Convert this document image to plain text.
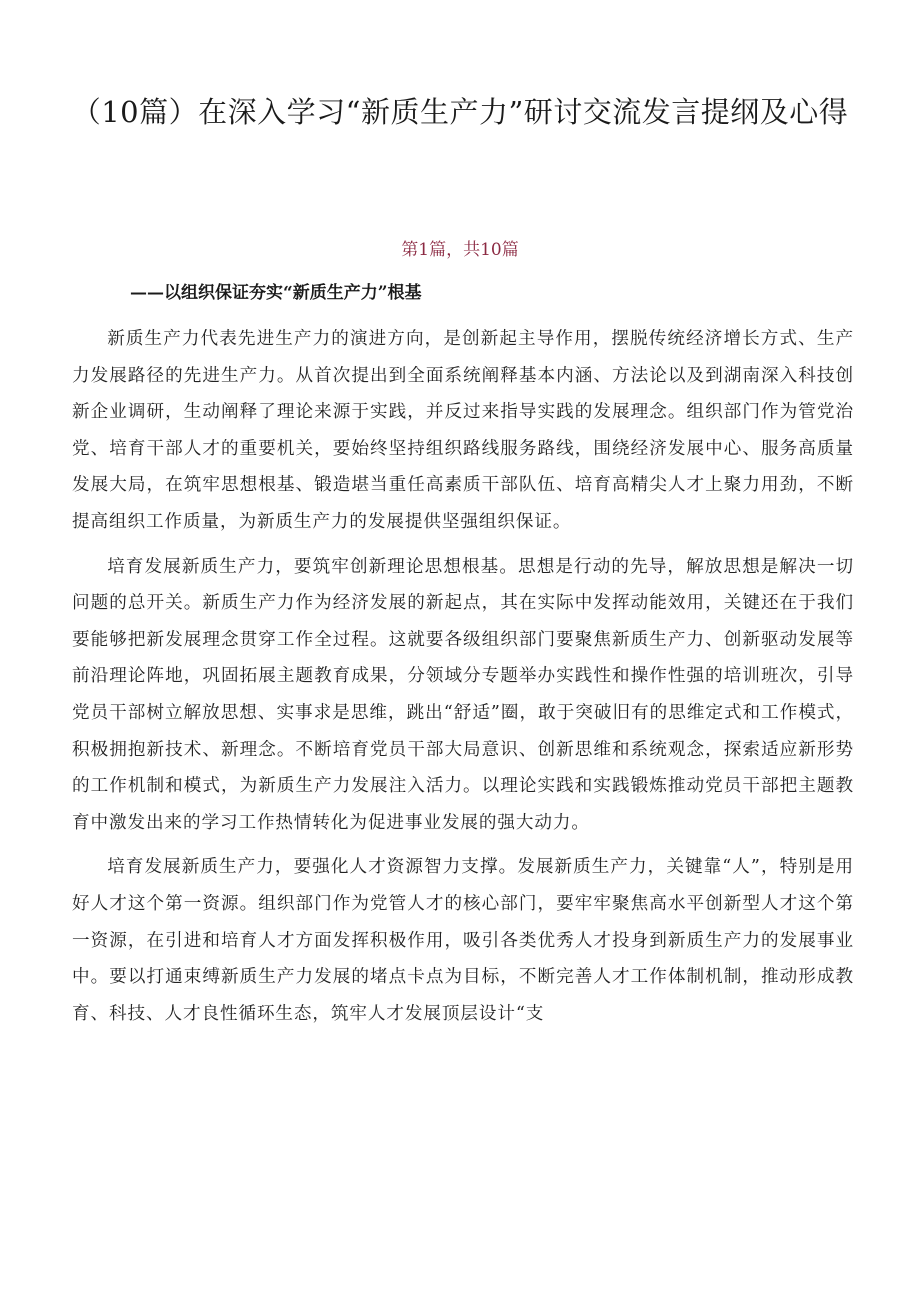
（10篇）在深入学习“新质生产力”研讨交流发言提纲及心得
第1篇，共10篇
——以组织保证夯实“新质生产力”根基

新质生产力代表先进生产力的演进方向，是创新起主导作用，摆脱传统经济增长方式、生产力发展路径的先进生产力。从首次提出到全面系统阐释基本内涵、方法论以及到湖南深入科技创新企业调研，生动阐释了理论来源于实践，并反过来指导实践的发展理念。组织部门作为管党治党、培育干部人才的重要机关，要始终坚持组织路线服务路线，围绕经济发展中心、服务高质量发展大局，在筑牢思想根基、锻造堪当重任高素质干部队伍、培育高精尖人才上聚力用劲，不断提高组织工作质量，为新质生产力的发展提供坚强组织保证。

培育发展新质生产力，要筑牢创新理论思想根基。思想是行动的先导，解放思想是解决一切问题的总开关。新质生产力作为经济发展的新起点，其在实际中发挥动能效用，关键还在于我们要能够把新发展理念贯穿工作全过程。这就要各级组织部门要聚焦新质生产力、创新驱动发展等前沿理论阵地，巩固拓展主题教育成果，分领域分专题举办实践性和操作性强的培训班次，引导党员干部树立解放思想、实事求是思维，跳出“舒适”圈，敢于突破旧有的思维定式和工作模式，积极拥抱新技术、新理念。不断培育党员干部大局意识、创新思维和系统观念，探索适应新形势的工作机制和模式，为新质生产力发展注入活力。以理论实践和实践锻炼推动党员干部把主题教育中激发出来的学习工作热情转化为促进事业发展的强大动力。

培育发展新质生产力，要强化人才资源智力支撑。发展新质生产力，关键靠“人”，特别是用好人才这个第一资源。组织部门作为党管人才的核心部门，要牢牢聚焦高水平创新型人才这个第一资源，在引进和培育人才方面发挥积极作用，吸引各类优秀人才投身到新质生产力的发展事业中。要以打通束缚新质生产力发展的堵点卡点为目标，不断完善人才工作体制机制，推动形成教育、科技、人才良性循环生态，筑牢人才发展顶层设计“支
